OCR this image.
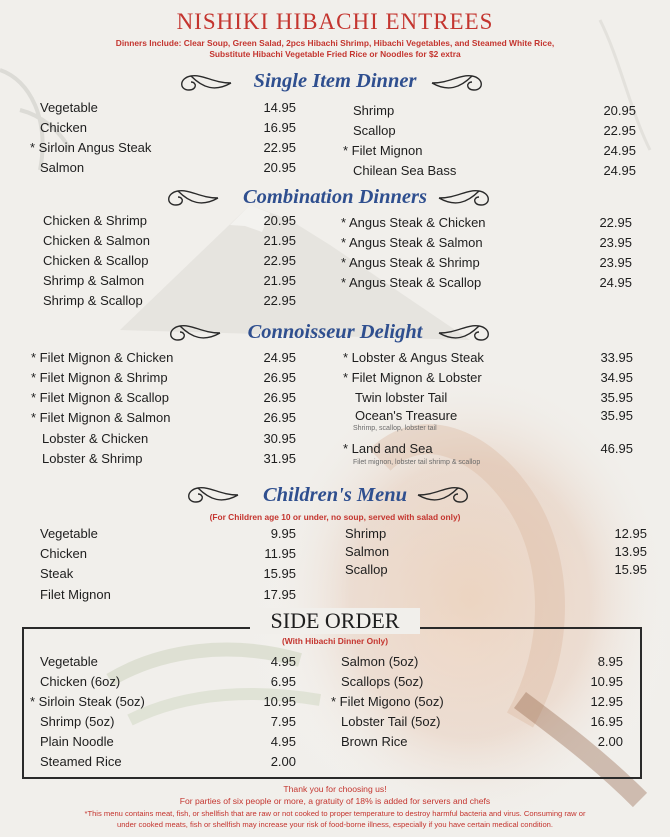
NISHIKI HIBACHI ENTREES
Dinners Include: Clear Soup, Green Salad, 2pcs Hibachi Shrimp, Hibachi Vegetables, and Steamed White Rice,
Substitute Hibachi Vegetable Fried Rice or Noodles for $2 extra
Single Item Dinner
Vegetable	14.95
Chicken	16.95
* Sirloin Angus Steak	22.95
Salmon	20.95
Shrimp	20.95
Scallop	22.95
* Filet Mignon	24.95
Chilean Sea Bass	24.95
Combination Dinners
Chicken & Shrimp	20.95
Chicken & Salmon	21.95
Chicken & Scallop	22.95
Shrimp & Salmon	21.95
Shrimp & Scallop	22.95
* Angus Steak & Chicken	22.95
* Angus Steak & Salmon	23.95
* Angus Steak & Shrimp	23.95
* Angus Steak & Scallop	24.95
Connoisseur Delight
* Filet Mignon & Chicken	24.95
* Filet Mignon & Shrimp	26.95
* Filet Mignon & Scallop	26.95
* Filet Mignon & Salmon	26.95
Lobster & Chicken	30.95
Lobster & Shrimp	31.95
* Lobster & Angus Steak	33.95
* Filet Mignon & Lobster	34.95
Twin lobster Tail	35.95
Ocean's Treasure	35.95
Shrimp, scallop, lobster tail
* Land and Sea	46.95
Filet mignon, lobster tail shrimp & scallop
Children's Menu
(For Children age 10 or under, no soup, served with salad only)
Vegetable	9.95
Chicken	11.95
Steak	15.95
Filet Mignon	17.95
Shrimp	12.95
Salmon	13.95
Scallop	15.95
SIDE ORDER
(With Hibachi Dinner Only)
Vegetable	4.95
Chicken (6oz)	6.95
* Sirloin Steak (5oz)	10.95
Shrimp (5oz)	7.95
Plain Noodle	4.95
Steamed Rice	2.00
Salmon (5oz)	8.95
Scallops (5oz)	10.95
* Filet Migono (5oz)	12.95
Lobster Tail (5oz)	16.95
Brown Rice	2.00
Thank you for choosing us!
For parties of six people or more, a gratuity of 18% is added for servers and chefs
*This menu contains meat, fish, or shellfish that are raw or not cooked to proper temperature to destroy harmful bacteria and virus. Consuming raw or
under cooked meats, fish or shellfish may increase your risk of food-borne illness, especially if you have certain medical condition.
